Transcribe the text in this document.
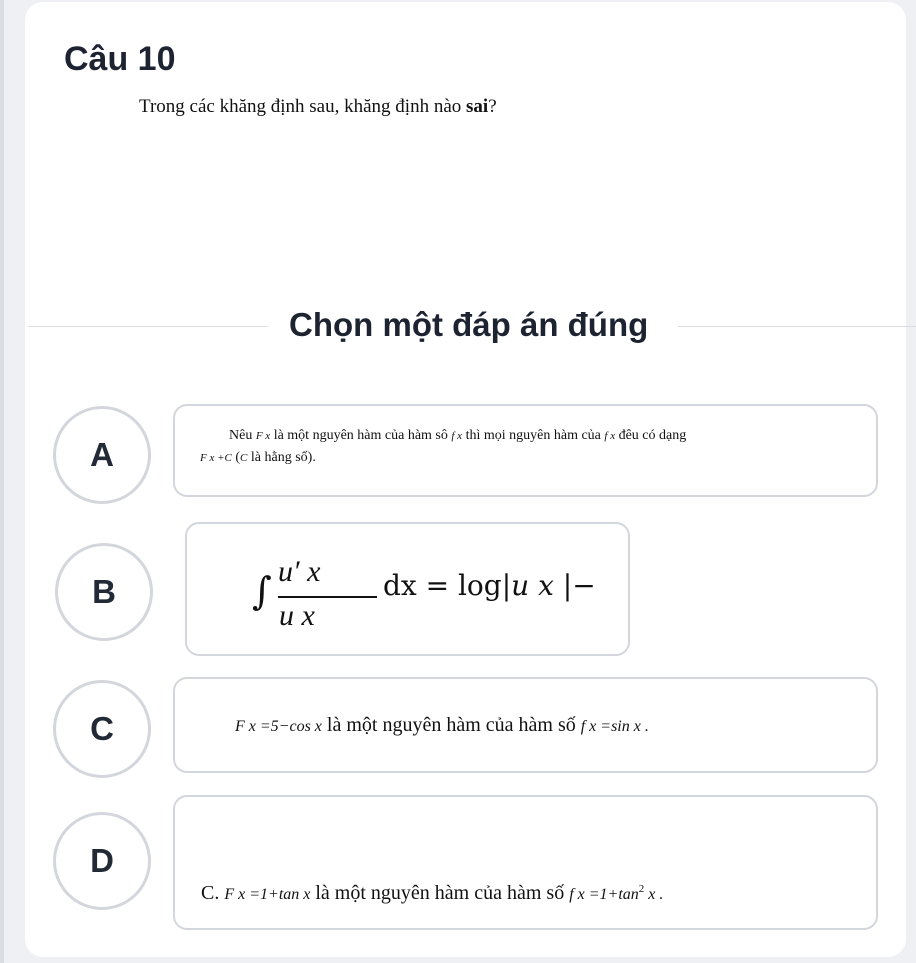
Câu 10
Trong các khăng định sau, khăng định nào sai?
Chọn một đáp án đúng
A
Nêu F x là một nguyên hàm của hàm sô f x thì mọi nguyên hàm của f x đêu có dạng
F x +C (C là hằng số).
B	∫ u′ x
u x
dx = log|u x |−
C	F x =5−cos x là một nguyên hàm của hàm số f x =sin x .
D
C. F x =1+tan x là một nguyên hàm của hàm số f $x =1+\tan^2$ x .
